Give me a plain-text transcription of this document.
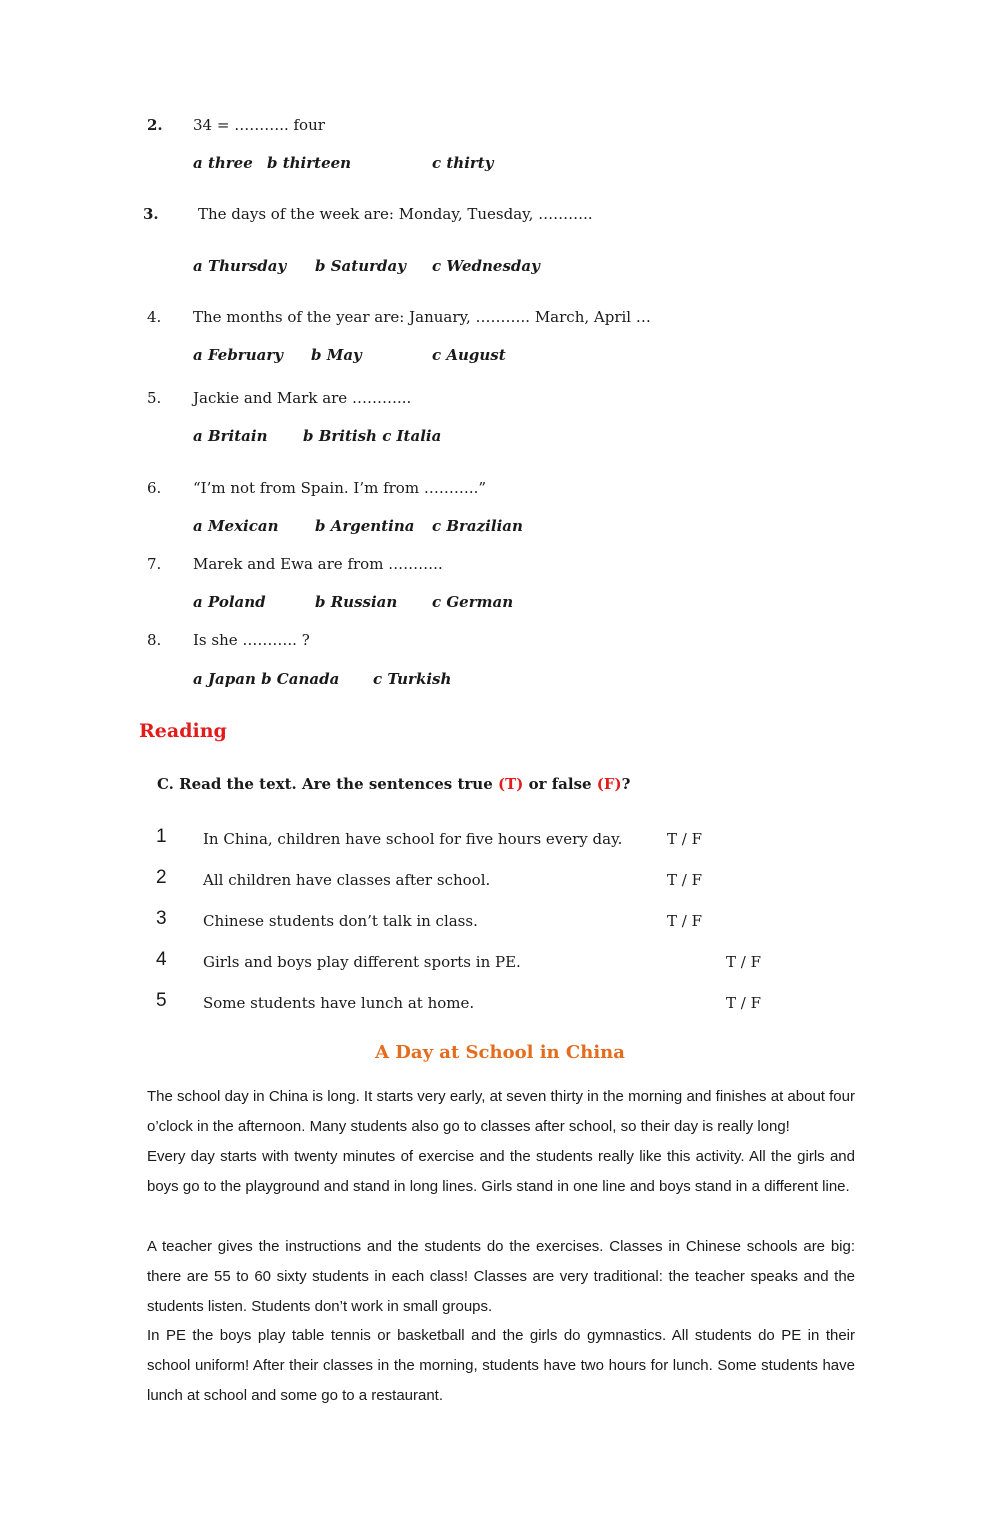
2. 34 = ……….. four
a three b thirteen	c thirty
3.	The days of the week are: Monday, Tuesday, ………..
a Thursday b Saturday c Wednesday
4. The months of the year are: January, ……….. March, April …
a February b May	c August
5. Jackie and Mark are ………...
a Britain b British c Italia
6. “I’m not from Spain. I’m from ………..”
a Mexican b Argentina c Brazilian
7. Marek and Ewa are from ………..
a Poland	b Russian c German
8. Is she ……….. ?
a Japan b Canada c Turkish
Reading
C. Read the text. Are the sentences true (T) or false (F)?
1 In China, children have school for five hours every day.	T / F
2 All children have classes after school.	T / F
3 Chinese students don’t talk in class.	T / F
4 Girls and boys play different sports in PE.	T / F
5 Some students have lunch at home.	T / F
A Day at School in China
The school day in China is long. It starts very early, at seven thirty in the morning and finishes at about four o’clock in the afternoon. Many students also go to classes after school, so their day is really long!
Every day starts with twenty minutes of exercise and the students really like this activity. All the girls and boys go to the playground and stand in long lines. Girls stand in one line and boys stand in a different line.
A teacher gives the instructions and the students do the exercises. Classes in Chinese schools are big: there are 55 to 60 sixty students in each class! Classes are very traditional: the teacher speaks and the students listen. Students don’t work in small groups.
In PE the boys play table tennis or basketball and the girls do gymnastics. All students do PE in their school uniform! After their classes in the morning, students have two hours for lunch. Some students have lunch at school and some go to a restaurant.
